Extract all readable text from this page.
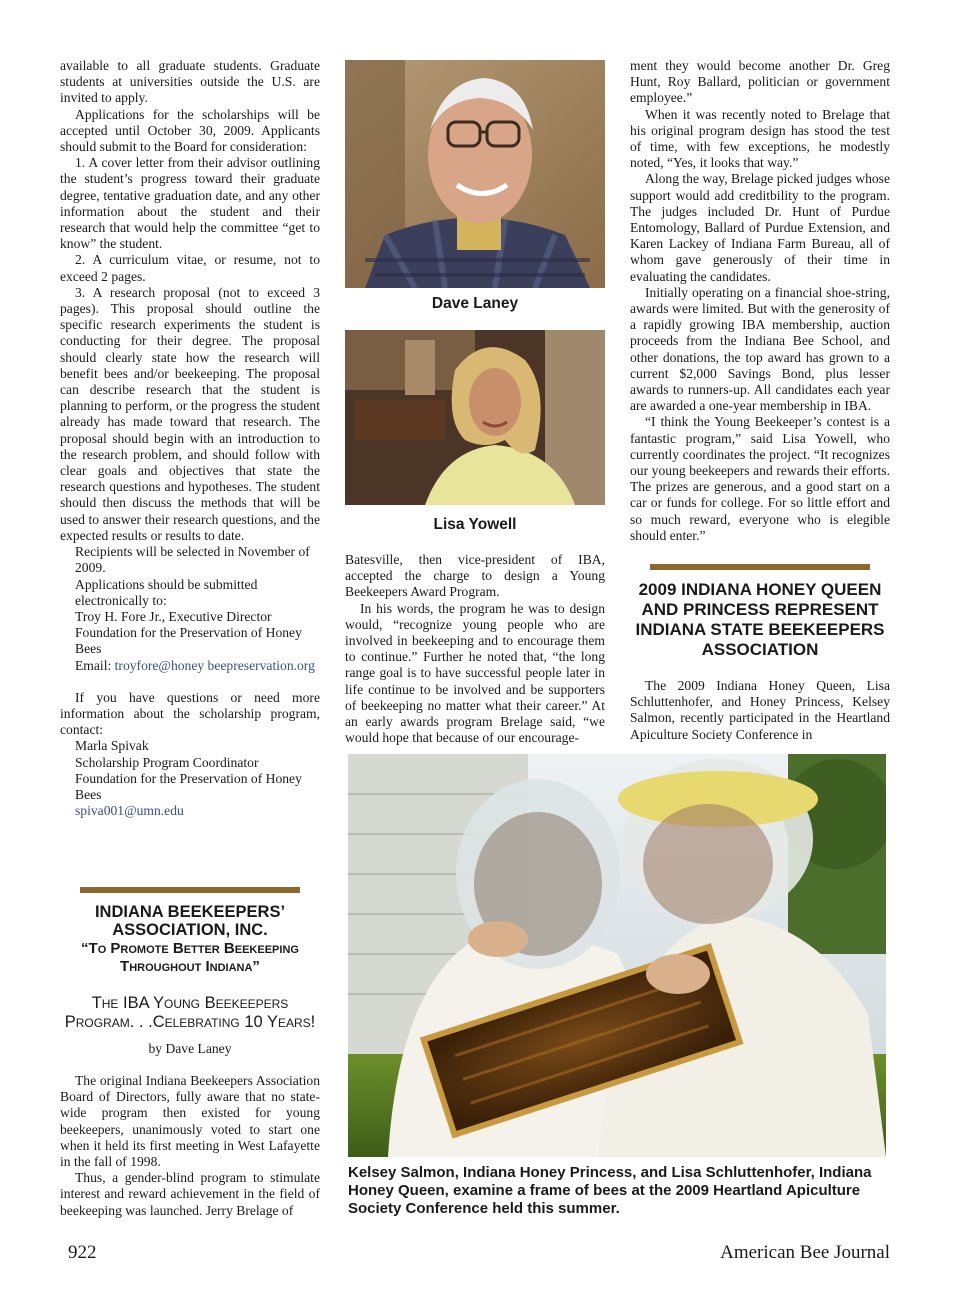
available to all graduate students. Graduate students at universities outside the U.S. are invited to apply.

Applications for the scholarships will be accepted until October 30, 2009. Applicants should submit to the Board for consideration:

1. A cover letter from their advisor outlining the student’s progress toward their graduate degree, tentative graduation date, and any other information about the student and their research that would help the committee “get to know” the student.

2. A curriculum vitae, or resume, not to exceed 2 pages.

3. A research proposal (not to exceed 3 pages). This proposal should outline the specific research experiments the student is conducting for their degree. The proposal should clearly state how the research will benefit bees and/or beekeeping. The proposal can describe research that the student is planning to perform, or the progress the student already has made toward that research. The proposal should begin with an introduction to the research problem, and should follow with clear goals and objectives that state the research questions and hypotheses. The student should then discuss the methods that will be used to answer their research questions, and the expected results or results to date.

Recipients will be selected in November of 2009.

Applications should be submitted electronically to:

Troy H. Fore Jr., Executive Director

Foundation for the Preservation of Honey Bees

Email: troyfore@honey beepreservation.org

If you have questions or need more information about the scholarship program, contact:

Marla Spivak

Scholarship Program Coordinator

Foundation for the Preservation of Honey Bees

spiva001@umn.edu

INDIANA BEEKEEPERS’ ASSOCIATION, INC.
“To Promote Better Beekeeping Throughout Indiana”
The IBA Young Beekeepers Program. . .Celebrating 10 Years!
by Dave Laney

The original Indiana Beekeepers Association Board of Directors, fully aware that no state-wide program then existed for young beekeepers, unanimously voted to start one when it held its first meeting in West Lafayette in the fall of 1998.

Thus, a gender-blind program to stimulate interest and reward achievement in the field of beekeeping was launched. Jerry Brelage of

Dave Laney
Lisa Yowell

Batesville, then vice-president of IBA, accepted the charge to design a Young Beekeepers Award Program.

In his words, the program he was to design would, “recognize young people who are involved in beekeeping and to encourage them to continue.” Further he noted that, “the long range goal is to have successful people later in life continue to be involved and be supporters of beekeeping no matter what their career.” At an early awards program Brelage said, “we would hope that because of our encourage-

ment they would become another Dr. Greg Hunt, Roy Ballard, politician or government employee.”

When it was recently noted to Brelage that his original program design has stood the test of time, with few exceptions, he modestly noted, “Yes, it looks that way.”

Along the way, Brelage picked judges whose support would add creditbility to the program. The judges included Dr. Hunt of Purdue Entomology, Ballard of Purdue Extension, and Karen Lackey of Indiana Farm Bureau, all of whom gave generously of their time in evaluating the candidates.

Initially operating on a financial shoe-string, awards were limited. But with the generosity of a rapidly growing IBA membership, auction proceeds from the Indiana Bee School, and other donations, the top award has grown to a current $2,000 Savings Bond, plus lesser awards to runners-up. All candidates each year are awarded a one-year membership in IBA.

“I think the Young Beekeeper’s contest is a fantastic program,” said Lisa Yowell, who currently coordinates the project. “It recognizes our young beekeepers and rewards their efforts. The prizes are generous, and a good start on a car or funds for college. For so little effort and so much reward, everyone who is elegible should enter.”

2009 INDIANA HONEY QUEEN AND PRINCESS REPRESENT INDIANA STATE BEEKEEPERS ASSOCIATION

The 2009 Indiana Honey Queen, Lisa Schluttenhofer, and Honey Princess, Kelsey Salmon, recently participated in the Heartland Apiculture Society Conference in

Kelsey Salmon, Indiana Honey Princess, and Lisa Schluttenhofer, Indiana Honey Queen, examine a frame of bees at the 2009 Heartland Apiculture Society Conference held this summer.
922	American Bee Journal
